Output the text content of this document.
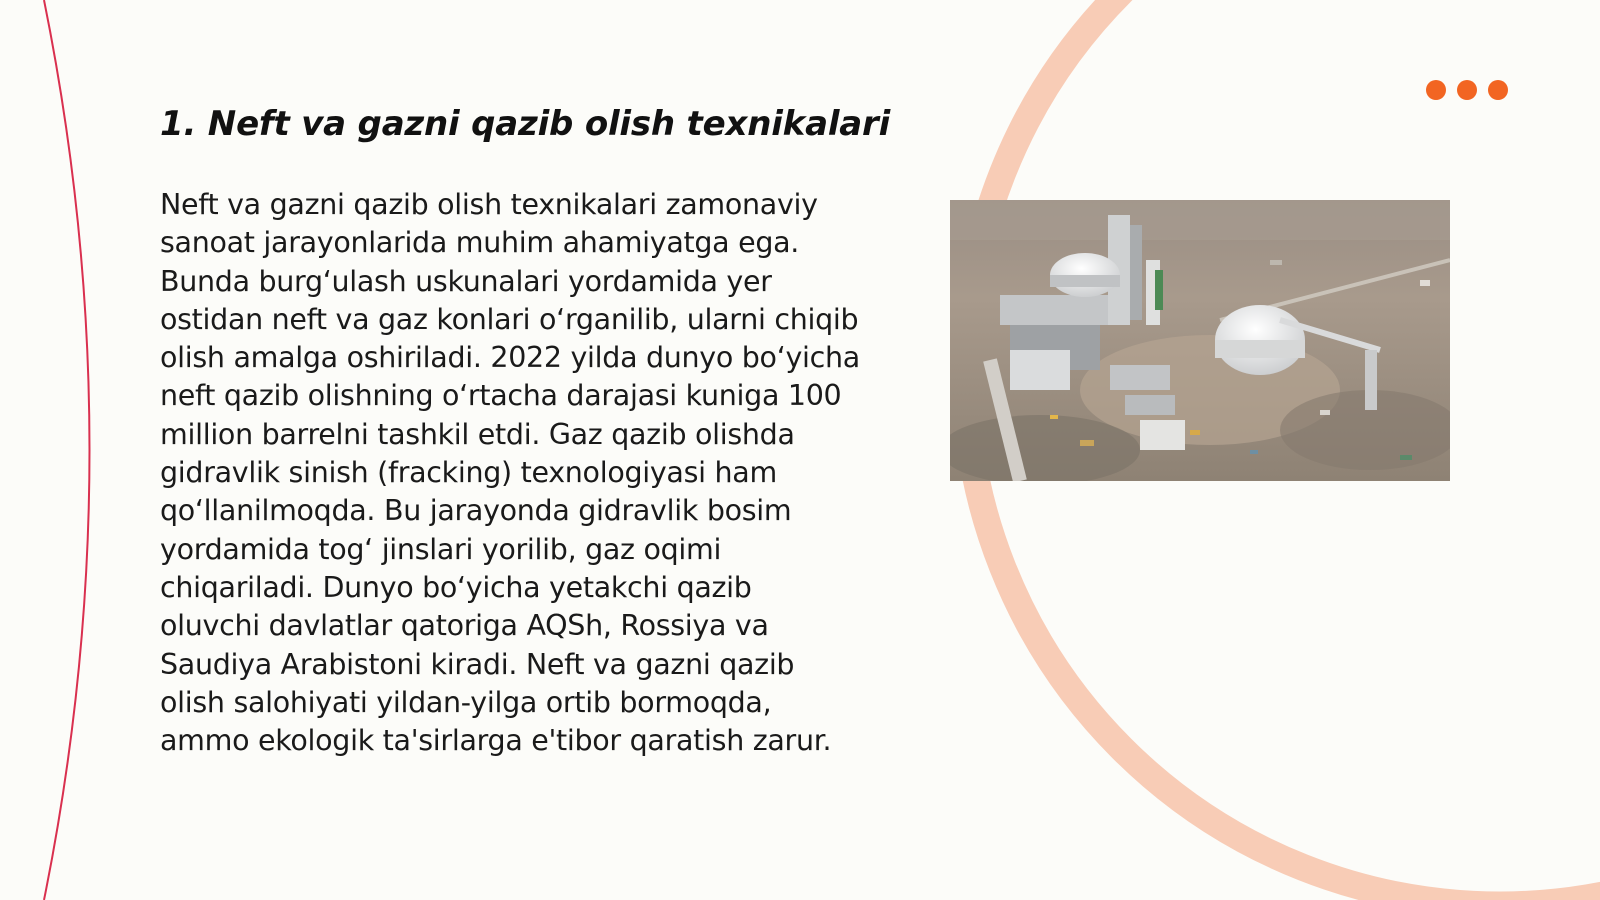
1. Neft va gazni qazib olish texnikalari

Neft va gazni qazib olish texnikalari zamonaviy sanoat jarayonlarida muhim ahamiyatga ega. Bunda burg‘ulash uskunalari yordamida yer ostidan neft va gaz konlari o‘rganilib, ularni chiqib olish amalga oshiriladi. 2022 yilda dunyo bo‘yicha neft qazib olishning o‘rtacha darajasi kuniga 100 million barrelni tashkil etdi. Gaz qazib olishda gidravlik sinish (fracking) texnologiyasi ham qo‘llanilmoqda. Bu jarayonda gidravlik bosim yordamida tog‘ jinslari yorilib, gaz oqimi chiqariladi. Dunyo bo‘yicha yetakchi qazib oluvchi davlatlar qatoriga AQSh, Rossiya va Saudiya Arabistoni kiradi. Neft va gazni qazib olish salohiyati yildan-yilga ortib bormoqda, ammo ekologik ta'sirlarga e'tibor qaratish zarur.
